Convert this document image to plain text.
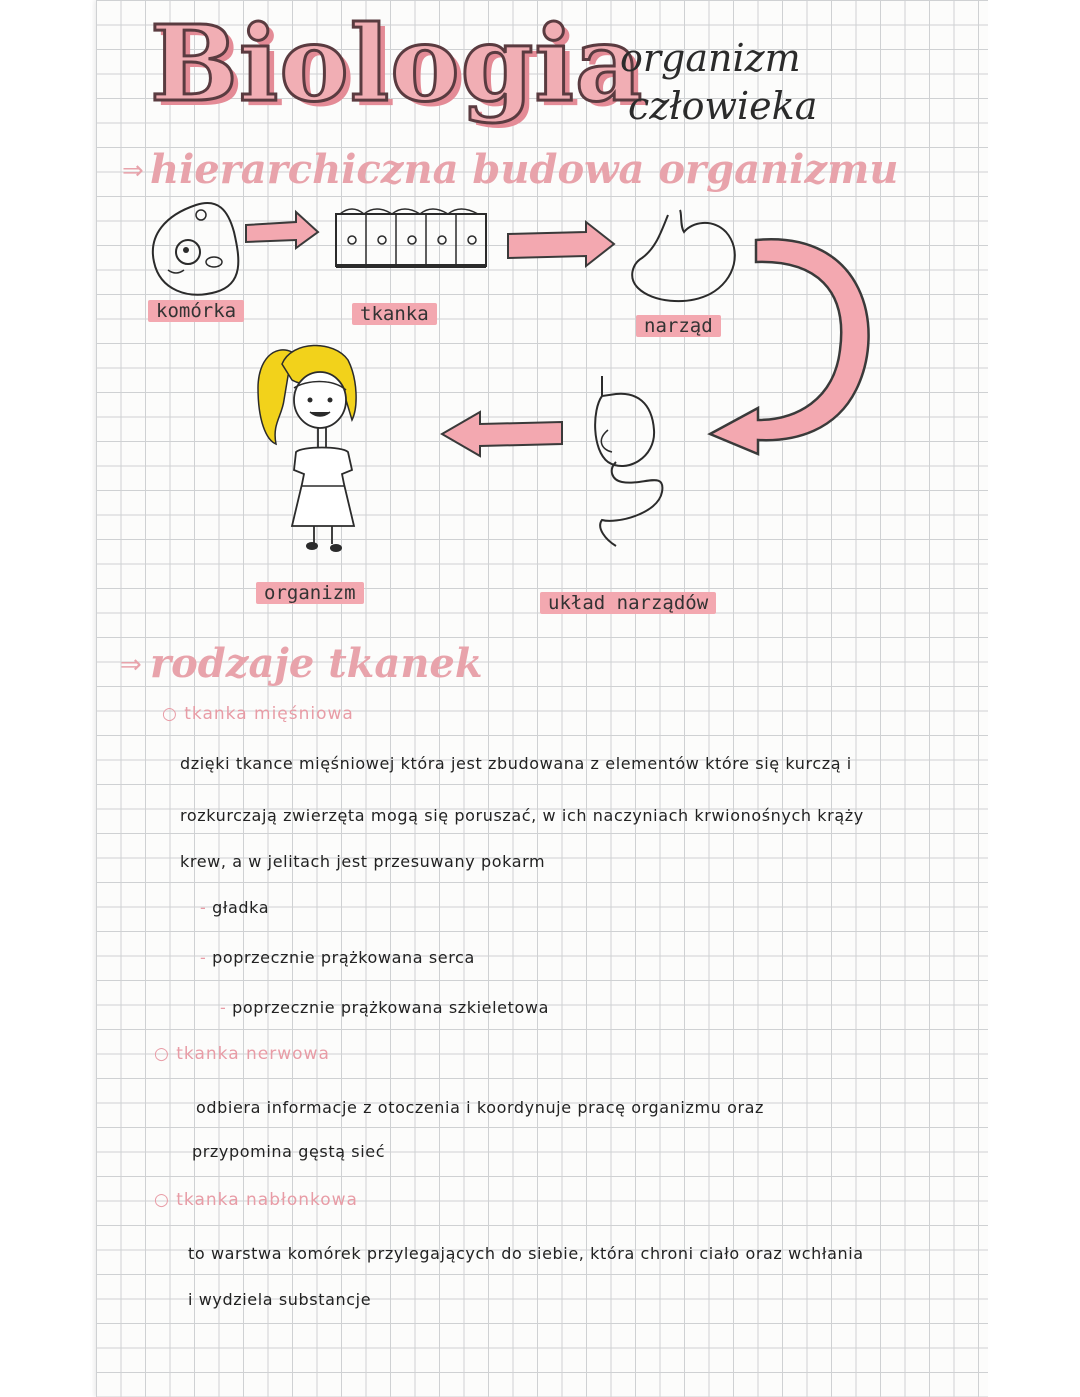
Biologia
organizm
człowieka
⇒ hierarchiczna budowa organizmu
komórka	tkanka
narząd
organizm	układ narządów
⇒ rodzaje tkanek
○ tkanka mięśniowa
dzięki tkance mięśniowej która jest zbudowana z elementów które się kurczą i
rozkurczają zwierzęta mogą się poruszać, w ich naczyniach krwionośnych krąży
krew, a w jelitach jest przesuwany pokarm
- gładka
- poprzecznie prążkowana serca
- poprzecznie prążkowana szkieletowa
○ tkanka nerwowa
odbiera informacje z otoczenia i koordynuje pracę organizmu oraz
przypomina gęstą sieć
○ tkanka nabłonkowa
to warstwa komórek przylegających do siebie, która chroni ciało oraz wchłania
i wydziela substancje
